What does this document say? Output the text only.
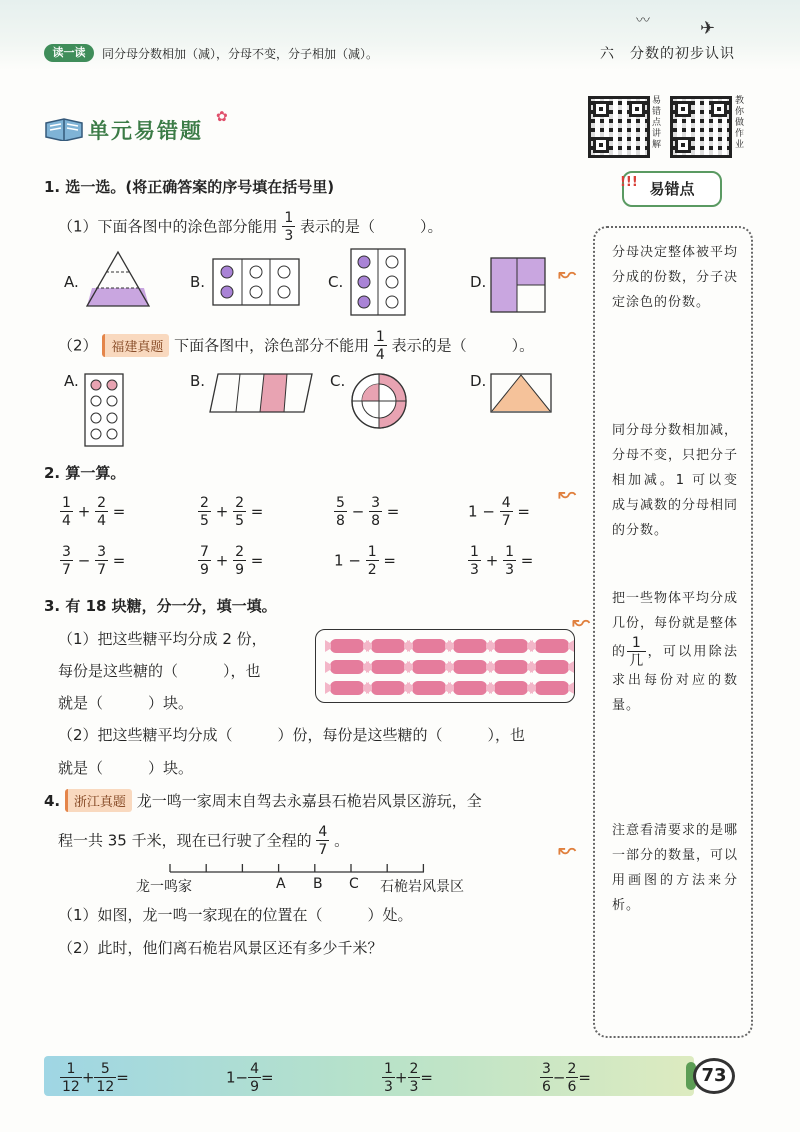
〰	✈
读一读	同分母分数相加（减），分母不变，分子相加（减）。	六　分数的初步认识
单元易错题
✿
易错点讲解
教你做作业
!!! 易错点
分母决定整体被平均分成的份数，分子决定涂色的份数。
同分母分数相加减，分母不变，只把分子相加减。1 可以变成与减数的分母相同的分数。
把一些物体平均分成几份，每份就是整体的 $\frac{1}{\text{几}}$ ，可以用除法求出每份对应的数量。
注意看清要求的是哪一部分的数量，可以用画图的方法来分析。
↜
↜
↜
↜
1. 选一选。(将正确答案的序号填在括号里)
（1）下面各图中的涂色部分能用 $\frac{1}{3}$ 表示的是（　　　）。
A.	B.	C.	D.
（2） 福建真题 下面各图中，涂色部分不能用 $\frac{1}{4}$ 表示的是（　　　）。
A.	B.	C.	D.
2. 算一算。
$\frac{1}{4} + \frac{2}{4}$ =	$\frac{2}{5} + \frac{2}{5}$ =	$\frac{5}{8} - \frac{3}{8}$ =	$1 - \frac{4}{7}$ =
$\frac{3}{7} - \frac{3}{7}$ =	$\frac{7}{9} + \frac{2}{9}$ =	$1 - \frac{1}{2}$ =	$\frac{1}{3} + \frac{1}{3}$ =
3. 有 18 块糖，分一分，填一填。
（1）把这些糖平均分成 2 份，
每份是这些糖的（　　　），也
就是（　　　）块。
（2）把这些糖平均分成（　　　）份，每份是这些糖的（　　　），也
就是（　　　）块。
4. 浙江真题 龙一鸣一家周末自驾去永嘉县石桅岩风景区游玩，全
程一共 35 千米，现在已行驶了全程的 $\frac{4}{7}$ 。
龙一鸣家	A B C 石桅岩风景区
（1）如图，龙一鸣一家现在的位置在（　　　）处。
（2）此时，他们离石桅岩风景区还有多少千米？
$\frac{1}{12} + \frac{5}{12}$ =	$1- \frac{4}{9}$ =	$\frac{1}{3} + \frac{2}{3}$ =	$\frac{3}{6} - \frac{2}{6}$ =	73
